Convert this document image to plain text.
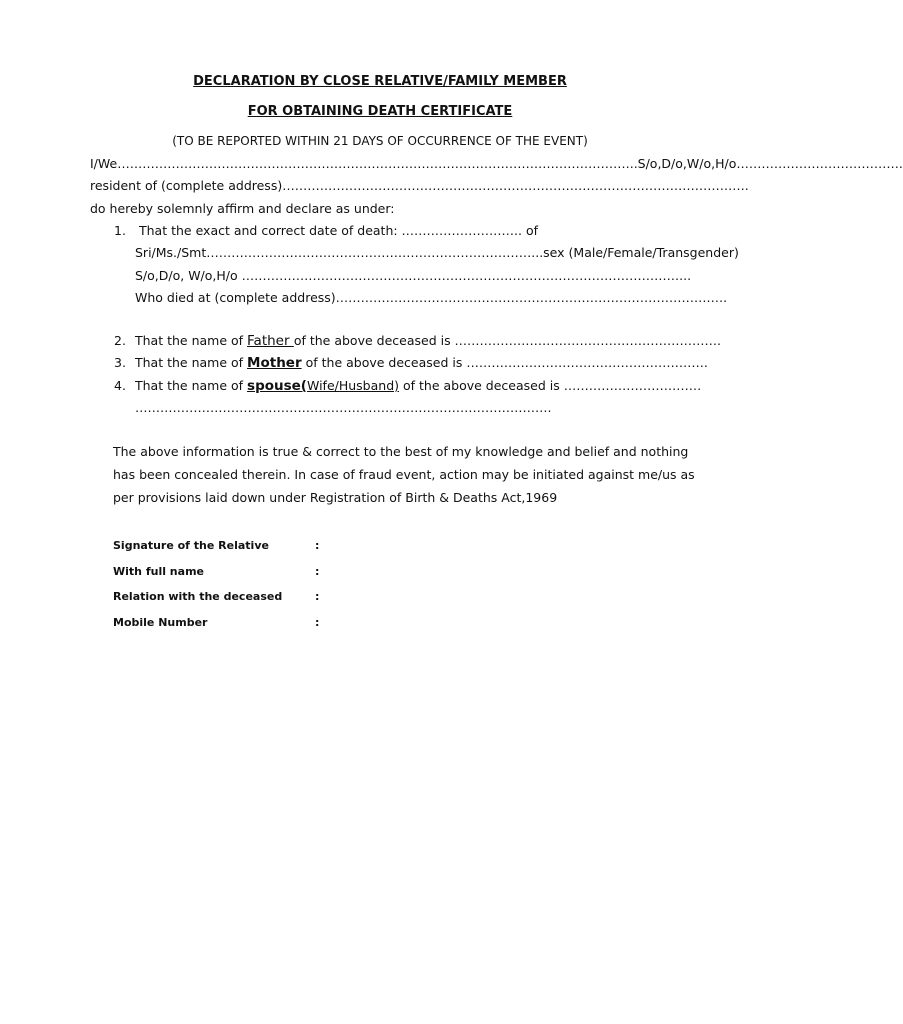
DECLARATION BY CLOSE RELATIVE/FAMILY MEMBER
FOR OBTAINING DEATH CERTIFICATE
(TO BE REPORTED WITHIN 21 DAYS OF OCCURRENCE OF THE EVENT)
I/We……………………………………………………………………………………………………………..S/o,D/o,W/o,H/o………………………………….
resident of (complete address)………………………………………………………………………………………………….
do hereby solemnly affirm and declare as under:
1. That the exact and correct date of death: ……………………….. of
Sri/Ms./Smt……………………………………………………………………...sex (Male/Female/Transgender)
S/o,D/o, W/o,H/o ……………………………………………………………………………………………...
Who died at (complete address)………………………………………………………………………………….
2. That the name of Father of the above deceased is ……………………………………………………….
3. That the name of Mother of the above deceased is ………………………………………………….
4. That the name of spouse(Wife/Husband) of the above deceased is ……………………………
……………………………………………………………………………………….
The above information is true & correct to the best of my knowledge and belief and nothing
has been concealed therein. In case of fraud event, action may be initiated against me/us as
per provisions laid down under Registration of Birth & Deaths Act,1969
Signature of the Relative	:
With full name	:
Relation with the deceased	:
Mobile Number	:
